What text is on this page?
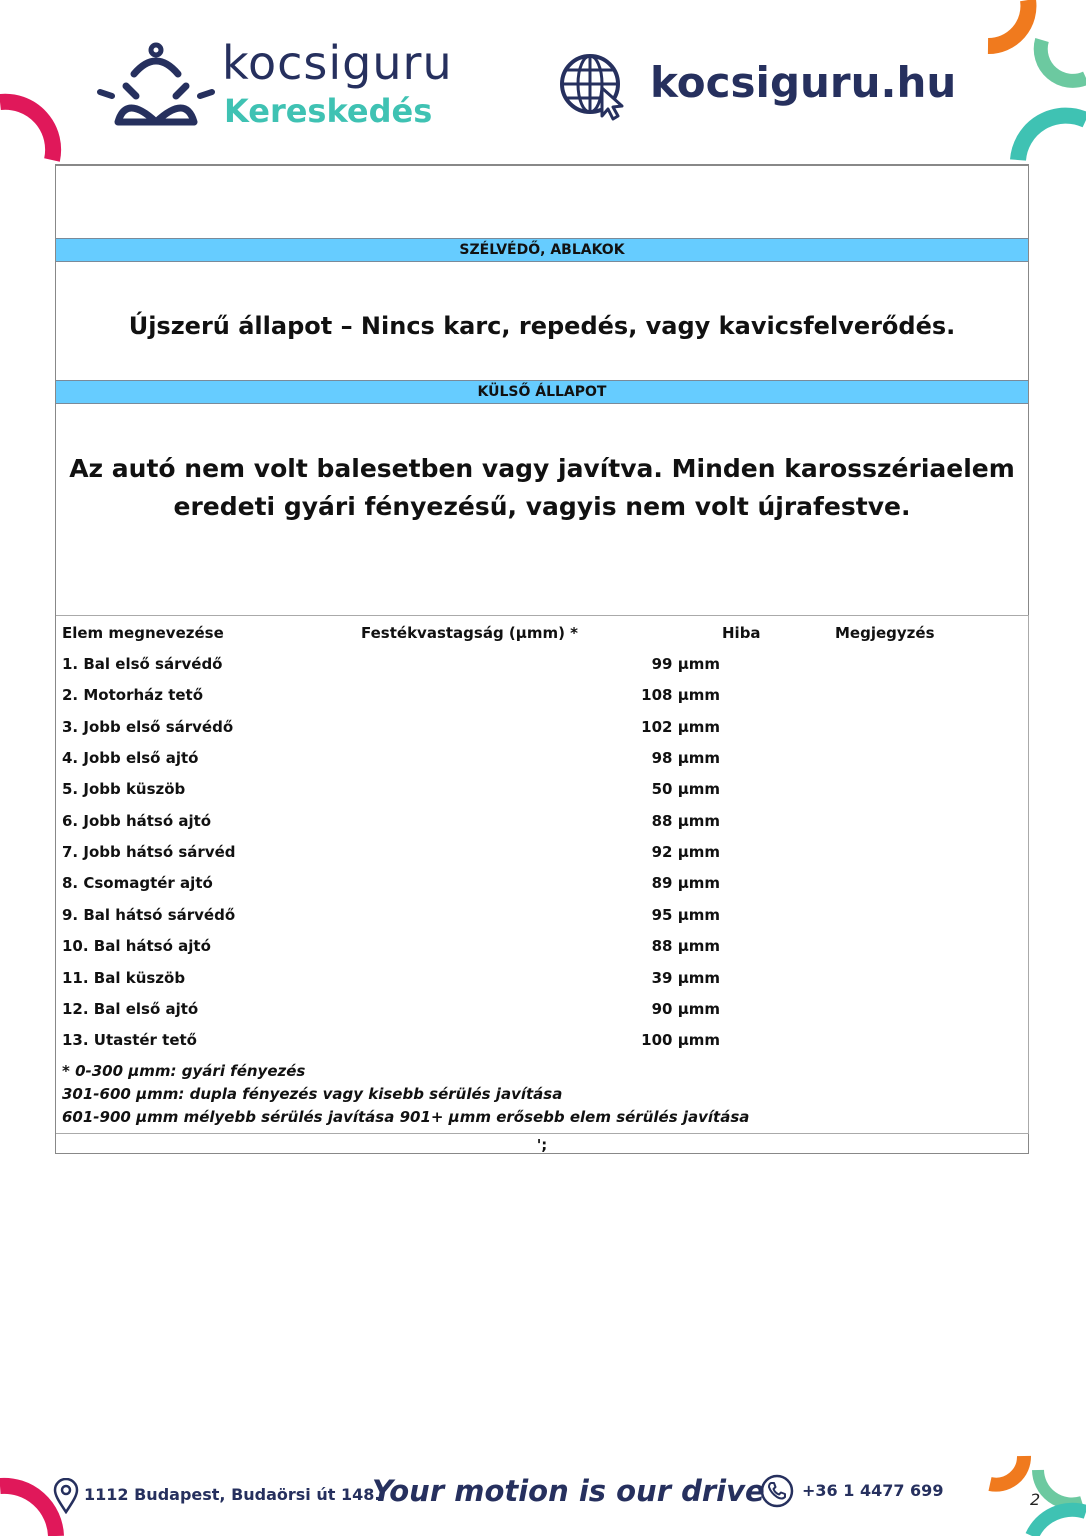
kocsiguru
Kereskedés
kocsiguru.hu
SZÉLVÉDŐ, ABLAKOK
Újszerű állapot – Nincs karc, repedés, vagy kavicsfelverődés.
KÜLSŐ ÁLLAPOT
Az autó nem volt balesetben vagy javítva. Minden karosszériaelem
eredeti gyári fényezésű, vagyis nem volt újrafestve.
Elem megnevezése	Festékvastagság (µmm) *	Hiba	Megjegyzés
1. Bal első sárvédő	99 µmm
2. Motorház tető	108 µmm
3. Jobb első sárvédő	102 µmm
4. Jobb első ajtó	98 µmm
5. Jobb küszöb	50 µmm
6. Jobb hátsó ajtó	88 µmm
7. Jobb hátsó sárvéd	92 µmm
8. Csomagtér ajtó	89 µmm
9. Bal hátsó sárvédő	95 µmm
10. Bal hátsó ajtó	88 µmm
11. Bal küszöb	39 µmm
12. Bal első ajtó	90 µmm
13. Utastér tető	100 µmm
* 0-300 µmm: gyári fényezés
301-600 µmm: dupla fényezés vagy kisebb sérülés javítása
601-900 µmm mélyebb sérülés javítása 901+ µmm erősebb elem sérülés javítása
';
1112 Budapest, Budaörsi út 148.
Your motion is our drive +36 1 4477 699	2
